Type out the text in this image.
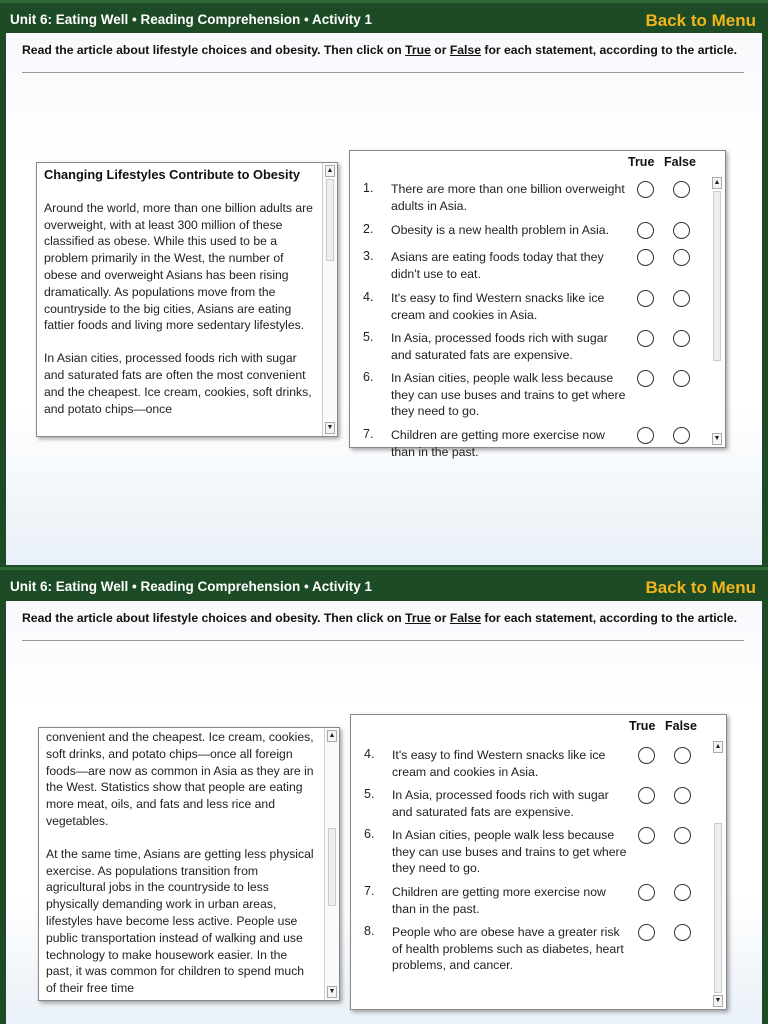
Unit 6: Eating Well • Reading Comprehension • Activity 1	Back to Menu
Read the article about lifestyle choices and obesity. Then click on True or False for each statement, according to the article.
Changing Lifestyles Contribute to Obesity

Around the world, more than one billion adults are overweight, with at least 300 million of these classified as obese. While this used to be a problem primarily in the West, the number of obese and overweight Asians has been rising dramatically. As populations move from the countryside to the big cities, Asians are eating fattier foods and living more sedentary lifestyles.

In Asian cities, processed foods rich with sugar and saturated fats are often the most convenient and the cheapest. Ice cream, cookies, soft drinks, and potato chips—once

▲
▼
True False
1. There are more than one billion overweight adults in Asia.
2. Obesity is a new health problem in Asia.
3. Asians are eating foods today that they didn't use to eat.
4. It's easy to find Western snacks like ice cream and cookies in Asia.
5. In Asia, processed foods rich with sugar and saturated fats are expensive.
6. In Asian cities, people walk less because they can use buses and trains to get where they need to go.
7. Children are getting more exercise now than in the past.
▲
▼
Unit 6: Eating Well • Reading Comprehension • Activity 1	Back to Menu
Read the article about lifestyle choices and obesity. Then click on True or False for each statement, according to the article.

convenient and the cheapest. Ice cream, cookies, soft drinks, and potato chips—once all foreign foods—are now as common in Asia as they are in the West. Statistics show that people are eating more meat, oils, and fats and less rice and vegetables.

At the same time, Asians are getting less physical exercise. As populations transition from agricultural jobs in the countryside to less physically demanding work in urban areas, lifestyles have become less active. People use public transportation instead of walking and use technology to make housework easier. In the past, it was common for children to spend much of their free time

▲
▼
True False
4. It's easy to find Western snacks like ice cream and cookies in Asia.
5. In Asia, processed foods rich with sugar and saturated fats are expensive.
6. In Asian cities, people walk less because they can use buses and trains to get where they need to go.
7. Children are getting more exercise now than in the past.
8. People who are obese have a greater risk of health problems such as diabetes, heart problems, and cancer.
▲
▼
